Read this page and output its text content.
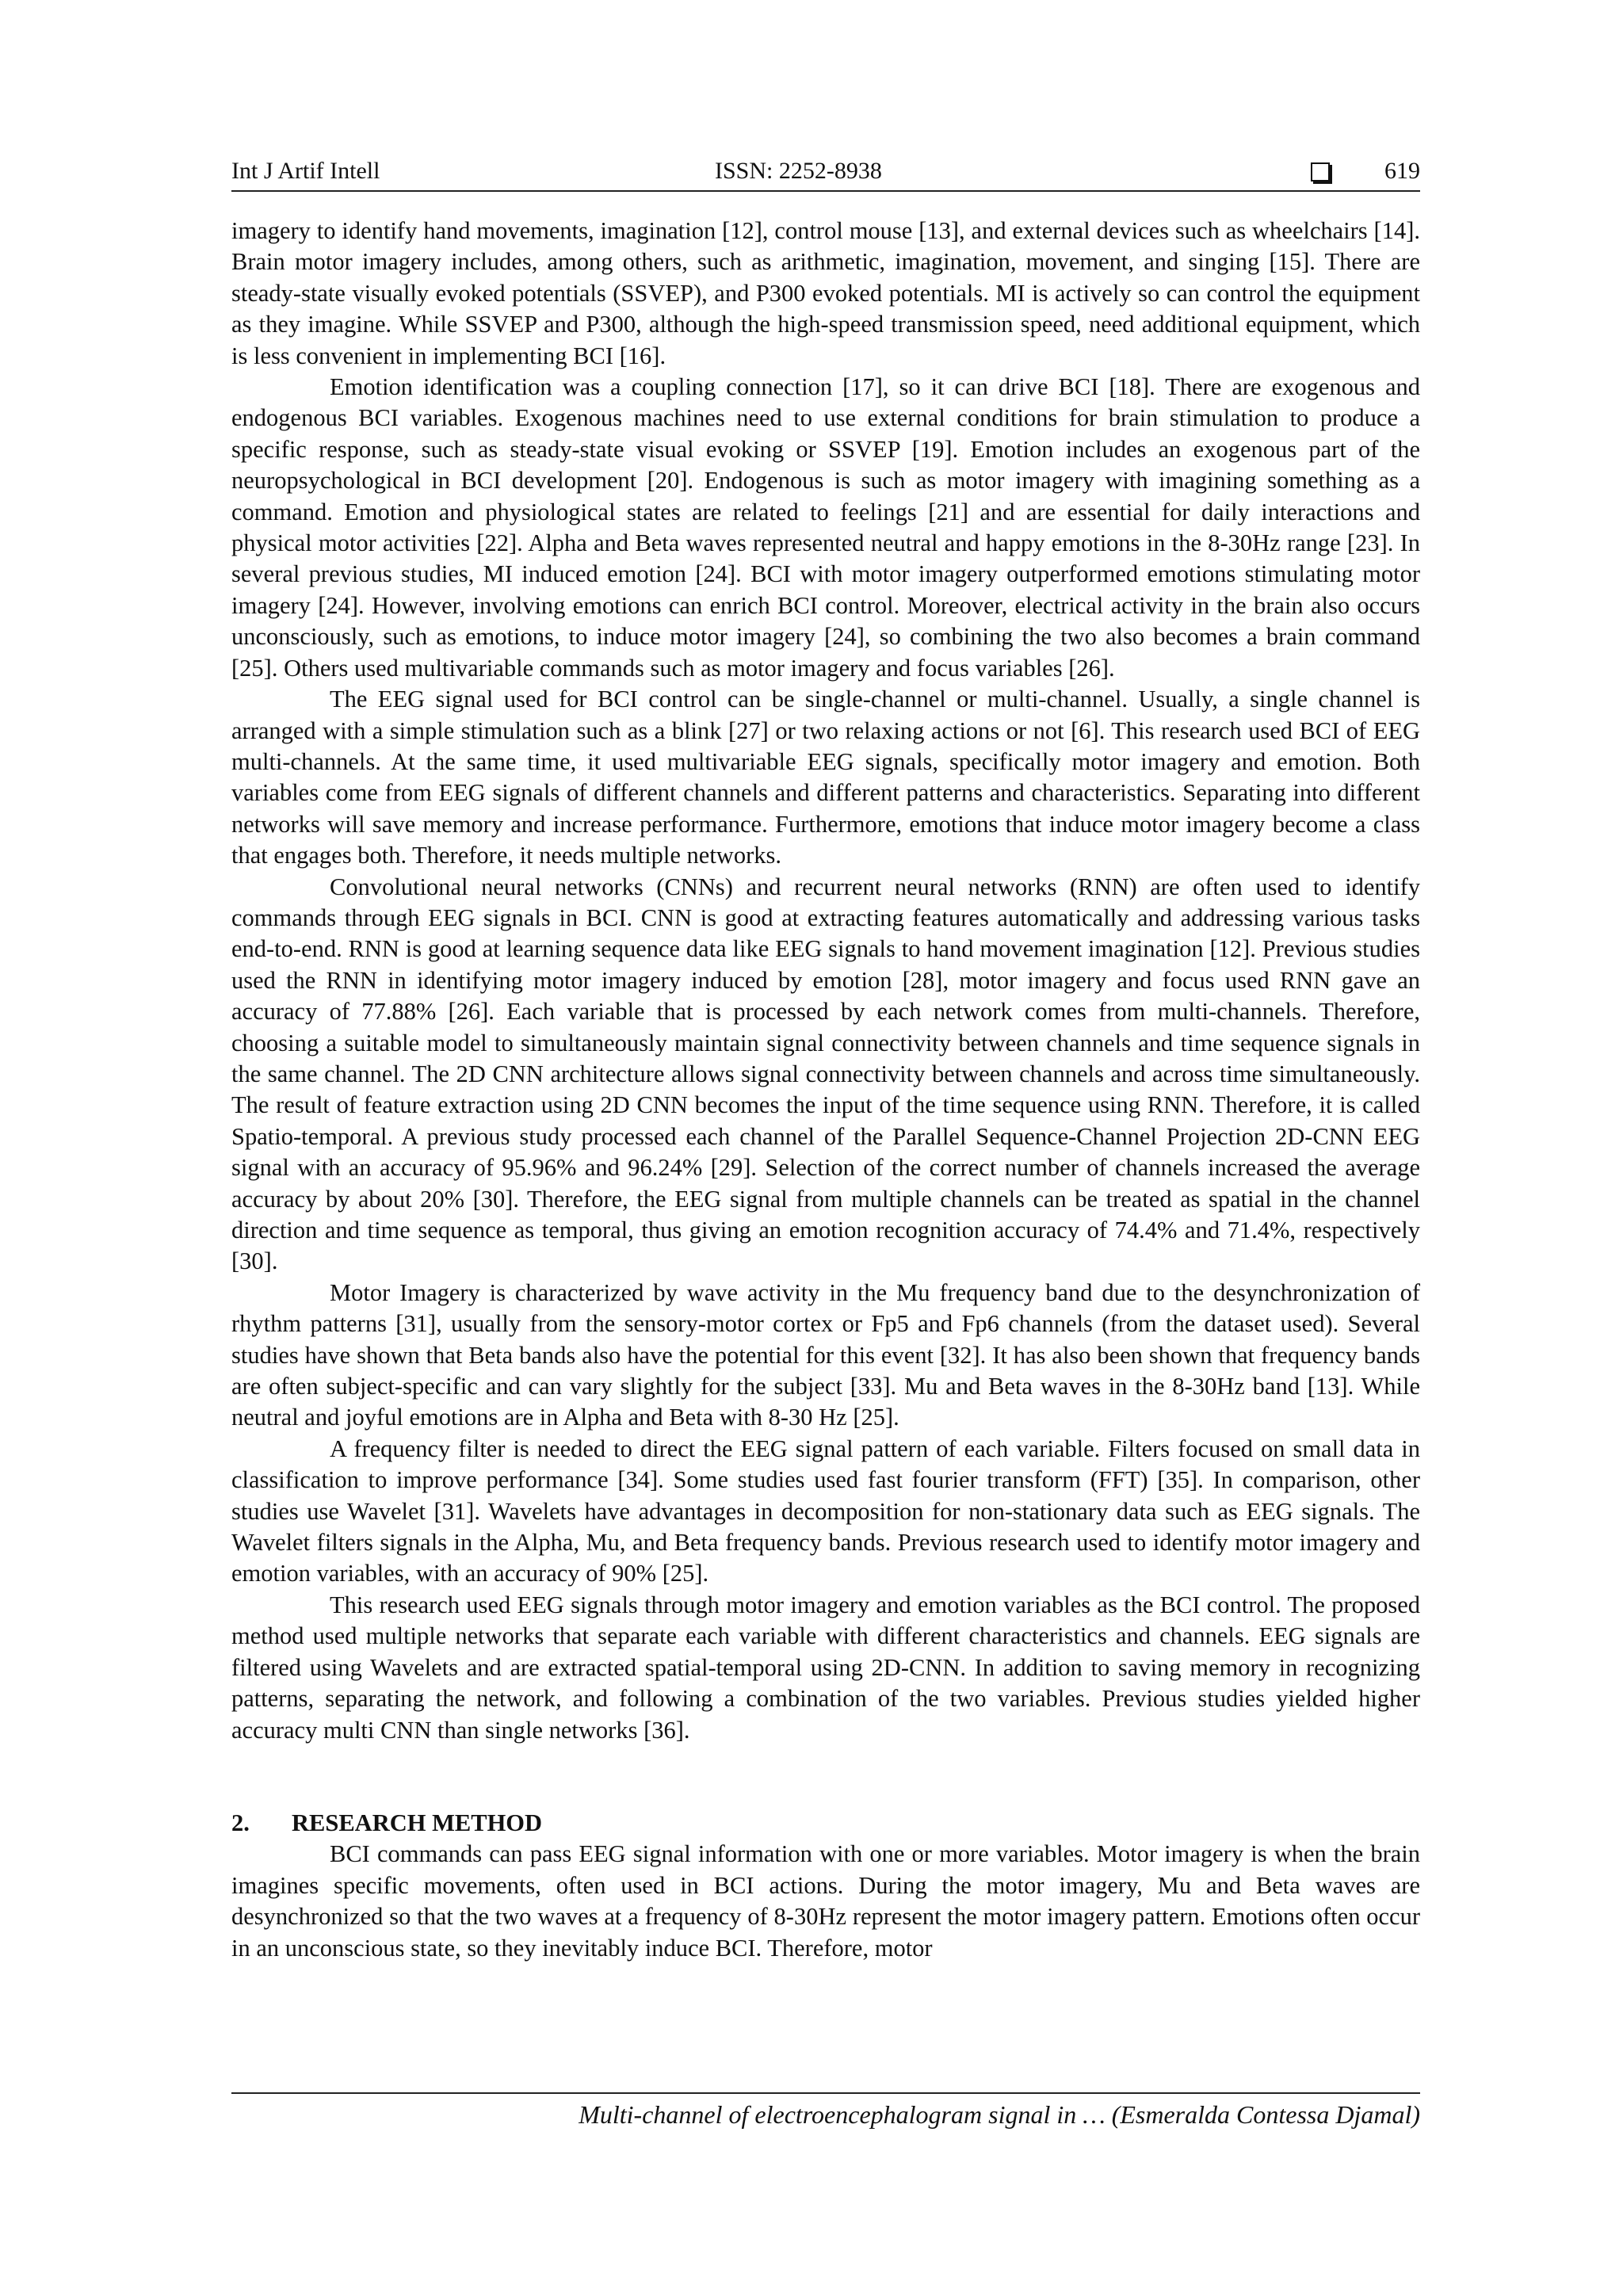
Int J Artif Intell	ISSN: 2252-8938	619

imagery to identify hand movements, imagination [12], control mouse [13], and external devices such as wheelchairs [14]. Brain motor imagery includes, among others, such as arithmetic, imagination, movement, and singing [15]. There are steady-state visually evoked potentials (SSVEP), and P300 evoked potentials. MI is actively so can control the equipment as they imagine. While SSVEP and P300, although the high-speed transmission speed, need additional equipment, which is less convenient in implementing BCI [16].

Emotion identification was a coupling connection [17], so it can drive BCI [18]. There are exogenous and endogenous BCI variables. Exogenous machines need to use external conditions for brain stimulation to produce a specific response, such as steady-state visual evoking or SSVEP [19]. Emotion includes an exogenous part of the neuropsychological in BCI development [20]. Endogenous is such as motor imagery with imagining something as a command. Emotion and physiological states are related to feelings [21] and are essential for daily interactions and physical motor activities [22]. Alpha and Beta waves represented neutral and happy emotions in the 8-30Hz range [23]. In several previous studies, MI induced emotion [24]. BCI with motor imagery outperformed emotions stimulating motor imagery [24]. However, involving emotions can enrich BCI control. Moreover, electrical activity in the brain also occurs unconsciously, such as emotions, to induce motor imagery [24], so combining the two also becomes a brain command [25]. Others used multivariable commands such as motor imagery and focus variables [26].

The EEG signal used for BCI control can be single-channel or multi-channel. Usually, a single channel is arranged with a simple stimulation such as a blink [27] or two relaxing actions or not [6]. This research used BCI of EEG multi-channels. At the same time, it used multivariable EEG signals, specifically motor imagery and emotion. Both variables come from EEG signals of different channels and different patterns and characteristics. Separating into different networks will save memory and increase performance. Furthermore, emotions that induce motor imagery become a class that engages both. Therefore, it needs multiple networks.

Convolutional neural networks (CNNs) and recurrent neural networks (RNN) are often used to identify commands through EEG signals in BCI. CNN is good at extracting features automatically and addressing various tasks end-to-end. RNN is good at learning sequence data like EEG signals to hand movement imagination [12]. Previous studies used the RNN in identifying motor imagery induced by emotion [28], motor imagery and focus used RNN gave an accuracy of 77.88% [26]. Each variable that is processed by each network comes from multi-channels. Therefore, choosing a suitable model to simultaneously maintain signal connectivity between channels and time sequence signals in the same channel. The 2D CNN architecture allows signal connectivity between channels and across time simultaneously. The result of feature extraction using 2D CNN becomes the input of the time sequence using RNN. Therefore, it is called Spatio-temporal. A previous study processed each channel of the Parallel Sequence-Channel Projection 2D-CNN EEG signal with an accuracy of 95.96% and 96.24% [29]. Selection of the correct number of channels increased the average accuracy by about 20% [30]. Therefore, the EEG signal from multiple channels can be treated as spatial in the channel direction and time sequence as temporal, thus giving an emotion recognition accuracy of 74.4% and 71.4%, respectively [30].

Motor Imagery is characterized by wave activity in the Mu frequency band due to the desynchronization of rhythm patterns [31], usually from the sensory-motor cortex or Fp5 and Fp6 channels (from the dataset used). Several studies have shown that Beta bands also have the potential for this event [32]. It has also been shown that frequency bands are often subject-specific and can vary slightly for the subject [33]. Mu and Beta waves in the 8-30Hz band [13]. While neutral and joyful emotions are in Alpha and Beta with 8-30 Hz [25].

A frequency filter is needed to direct the EEG signal pattern of each variable. Filters focused on small data in classification to improve performance [34]. Some studies used fast fourier transform (FFT) [35]. In comparison, other studies use Wavelet [31]. Wavelets have advantages in decomposition for non-stationary data such as EEG signals. The Wavelet filters signals in the Alpha, Mu, and Beta frequency bands. Previous research used to identify motor imagery and emotion variables, with an accuracy of 90% [25].

This research used EEG signals through motor imagery and emotion variables as the BCI control. The proposed method used multiple networks that separate each variable with different characteristics and channels. EEG signals are filtered using Wavelets and are extracted spatial-temporal using 2D-CNN. In addition to saving memory in recognizing patterns, separating the network, and following a combination of the two variables. Previous studies yielded higher accuracy multi CNN than single networks [36].

2. RESEARCH METHOD

BCI commands can pass EEG signal information with one or more variables. Motor imagery is when the brain imagines specific movements, often used in BCI actions. During the motor imagery, Mu and Beta waves are desynchronized so that the two waves at a frequency of 8-30Hz represent the motor imagery pattern. Emotions often occur in an unconscious state, so they inevitably induce BCI. Therefore, motor

Multi-channel of electroencephalogram signal in … (Esmeralda Contessa Djamal)
